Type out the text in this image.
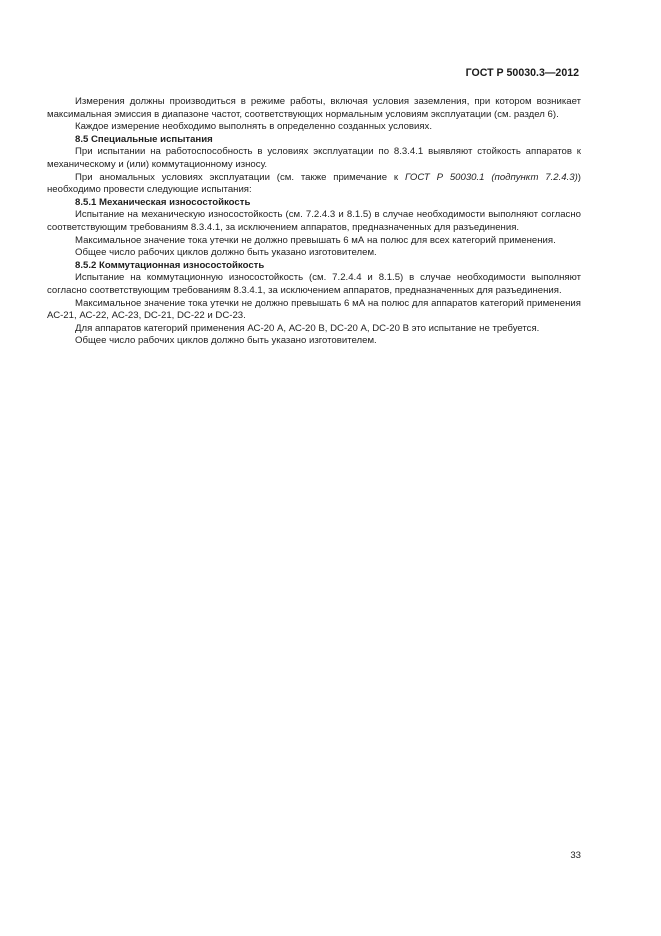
ГОСТ Р 50030.3—2012

Измерения должны производиться в режиме работы, включая условия заземления, при котором возникает максимальная эмиссия в диапазоне частот, соответствующих нормальным условиям эксплуатации (см. раздел 6).

Каждое измерение необходимо выполнять в определенно созданных условиях.

8.5 Специальные испытания

При испытании на работоспособность в условиях эксплуатации по 8.3.4.1 выявляют стойкость аппаратов к механическому и (или) коммутационному износу.

При аномальных условиях эксплуатации (см. также примечание к ГОСТ Р 50030.1 (подпункт 7.2.4.3)) необходимо провести следующие испытания:

8.5.1 Механическая износостойкость

Испытание на механическую износостойкость (см. 7.2.4.3 и 8.1.5) в случае необходимости выполняют согласно соответствующим требованиям 8.3.4.1, за исключением аппаратов, предназначенных для разъединения.

Максимальное значение тока утечки не должно превышать 6 мА на полюс для всех категорий применения.

Общее число рабочих циклов должно быть указано изготовителем.

8.5.2 Коммутационная износостойкость

Испытание на коммутационную износостойкость (см. 7.2.4.4 и 8.1.5) в случае необходимости выполняют согласно соответствующим требованиям 8.3.4.1, за исключением аппаратов, предназначенных для разъединения.

Максимальное значение тока утечки не должно превышать 6 мА на полюс для аппаратов категорий применения АС-21, АС-22, АС-23, DC-21, DC-22 и DC-23.

Для аппаратов категорий применения АС-20 А, АС-20 В, DC-20 А, DC-20 В это испытание не требуется.

Общее число рабочих циклов должно быть указано изготовителем.

33
